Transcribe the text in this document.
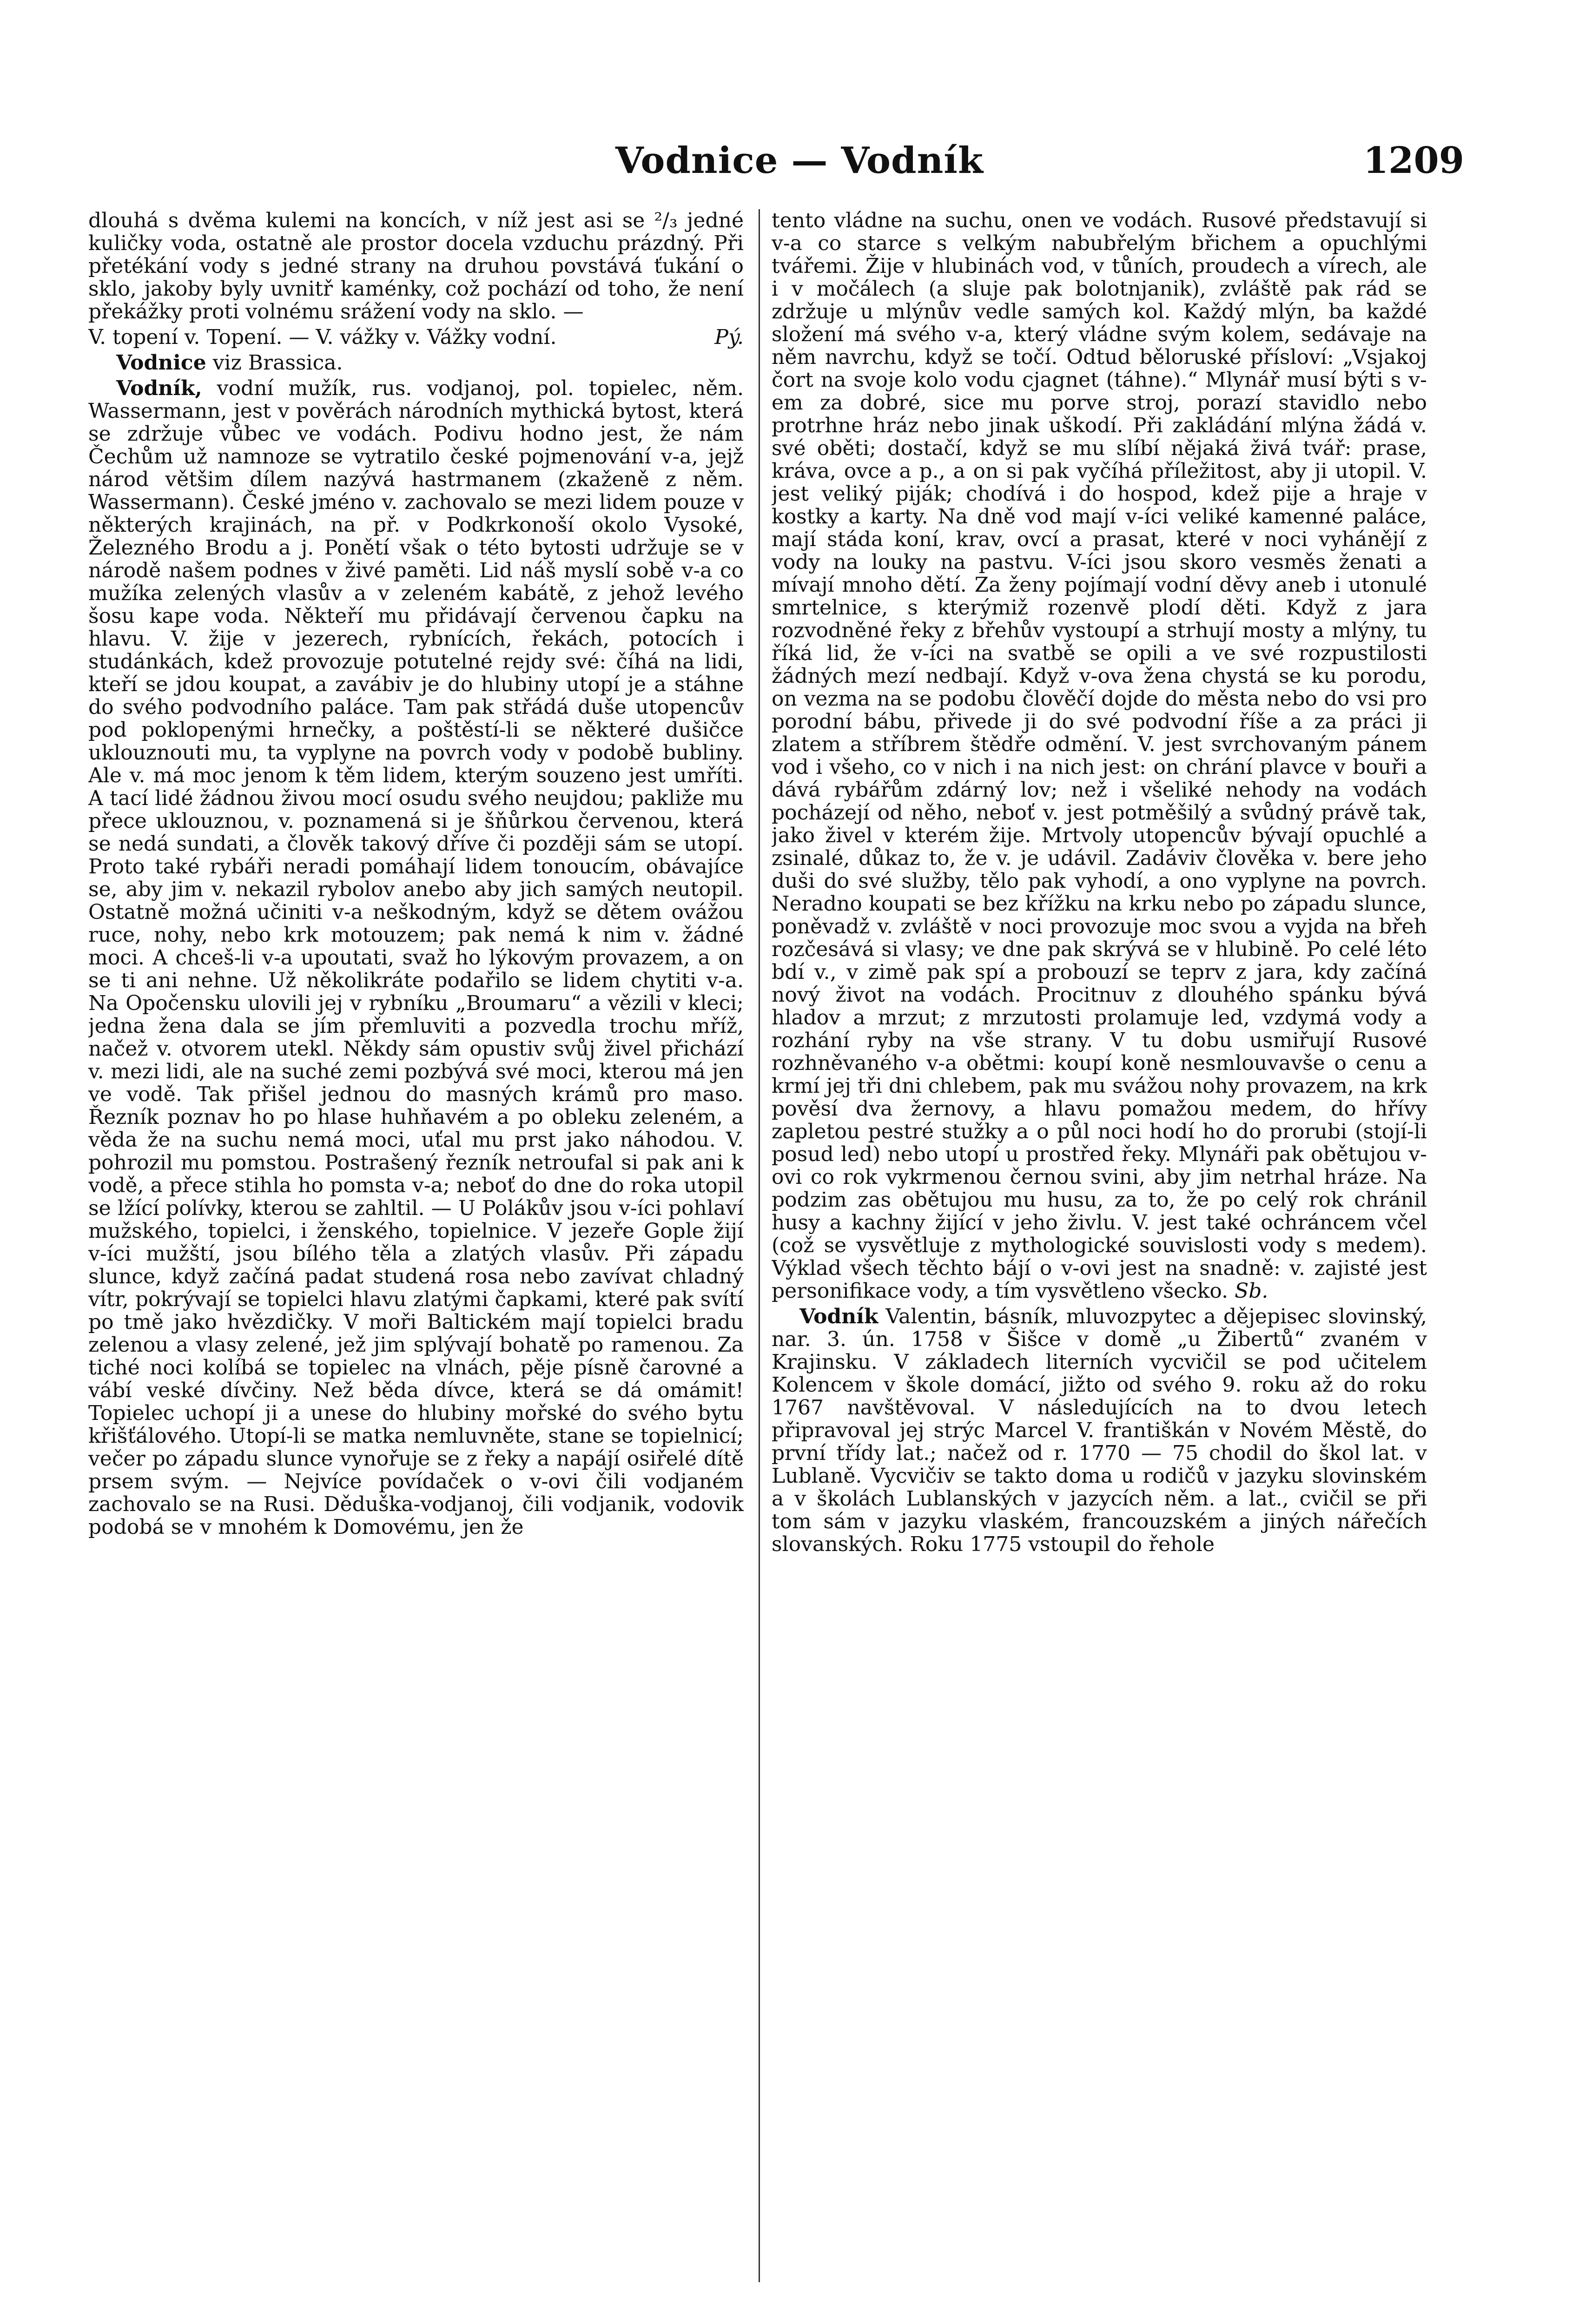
Vodnice — Vodník	1209

dlouhá s dvěma kulemi na koncích, v níž jest asi se ²/₃ jedné kuličky voda, ostatně ale prostor docela vzduchu prázdný. Při přetékání vody s jedné strany na druhou povstává ťukání o sklo, jakoby byly uvnitř kaménky, což pochází od toho, že není překážky proti volnému srážení vody na sklo. —

V. topení v. Topení. — V. vážky v. Vážky vodní.	Pý.

Vodnice viz Brassica.

Vodník, vodní mužík, rus. vodjanoj, pol. topielec, něm. Wassermann, jest v pověrách národních mythická bytost, která se zdržuje vůbec ve vodách. Podivu hodno jest, že nám Čechům už namnoze se vytratilo české pojmenování v-a, jejž národ většim dílem nazývá hastrmanem (zkaženě z něm. Wassermann). České jméno v. zachovalo se mezi lidem pouze v některých krajinách, na př. v Podkrkonoší okolo Vysoké, Železného Brodu a j. Ponětí však o této bytosti udržuje se v národě našem podnes v živé paměti. Lid náš myslí sobě v-a co mužíka zelených vlasův a v zeleném kabátě, z jehož levého šosu kape voda. Někteří mu přidávají červenou čapku na hlavu. V. žije v jezerech, rybnících, řekách, potocích i studánkách, kdež provozuje potutelné rejdy své: číhá na lidi, kteří se jdou koupat, a zavábiv je do hlubiny utopí je a stáhne do svého podvodního paláce. Tam pak střádá duše utopencův pod poklopenými hrnečky, a poštěstí-li se některé dušičce uklouznouti mu, ta vyplyne na povrch vody v podobě bubliny. Ale v. má moc jenom k těm lidem, kterým souzeno jest umříti. A tací lidé žádnou živou mocí osudu svého neujdou; pakliže mu přece uklouznou, v. poznamená si je šňůrkou červenou, která se nedá sundati, a člověk takový dříve či později sám se utopí. Proto také rybáři neradi pomáhají lidem tonoucím, obávajíce se, aby jim v. nekazil rybolov anebo aby jich samých neutopil. Ostatně možná učiniti v-a neškodným, když se dětem ovážou ruce, nohy, nebo krk motouzem; pak nemá k nim v. žádné moci. A chceš-li v-a upoutati, svaž ho lýkovým provazem, a on se ti ani nehne. Už několikráte podařilo se lidem chytiti v-a. Na Opočensku ulovili jej v rybníku „Broumaru“ a vězili v kleci; jedna žena dala se jím přemluviti a pozvedla trochu mříž, načež v. otvorem utekl. Někdy sám opustiv svůj živel přichází v. mezi lidi, ale na suché zemi pozbývá své moci, kterou má jen ve vodě. Tak přišel jednou do masných krámů pro maso. Řezník poznav ho po hlase huhňavém a po obleku zeleném, a věda že na suchu nemá moci, uťal mu prst jako náhodou. V. pohrozil mu pomstou. Postrašený řezník netroufal si pak ani k vodě, a přece stihla ho pomsta v-a; neboť do dne do roka utopil se lžící polívky, kterou se zahltil. — U Polákův jsou v-íci pohlaví mužského, topielci, i ženského, topielnice. V jezeře Gople žijí v-íci mužští, jsou bílého těla a zlatých vlasův. Při západu slunce, když začíná padat studená rosa nebo zavívat chladný vítr, pokrývají se topielci hlavu zlatými čapkami, které pak svítí po tmě jako hvězdičky. V moři Baltickém mají topielci bradu zelenou a vlasy zelené, jež jim splývají bohatě po ramenou. Za tiché noci kolíbá se topielec na vlnách, pěje písně čarovné a vábí veské dívčiny. Než běda dívce, která se dá omámit! Topielec uchopí ji a unese do hlubiny mořské do svého bytu křišťálového. Utopí-li se matka nemluvněte, stane se topielnicí; večer po západu slunce vynořuje se z řeky a napájí osiřelé dítě prsem svým. — Nejvíce povídaček o v-ovi čili vodjaném zachovalo se na Rusi. Děduška-vodjanoj, čili vodjanik, vodovik podobá se v mnohém k Domovému, jen že

tento vládne na suchu, onen ve vodách. Rusové představují si v-a co starce s velkým nabubřelým břichem a opuchlými tvářemi. Žije v hlubinách vod, v tůních, proudech a vírech, ale i v močálech (a sluje pak bolotnjanik), zvláště pak rád se zdržuje u mlýnův vedle samých kol. Každý mlýn, ba každé složení má svého v-a, který vládne svým kolem, sedávaje na něm navrchu, když se točí. Odtud běloruské přísloví: „Vsjakoj čort na svoje kolo vodu cjagnet (táhne).“ Mlynář musí býti s v-em za dobré, sice mu porve stroj, porazí stavidlo nebo protrhne hráz nebo jinak uškodí. Při zakládání mlýna žádá v. své oběti; dostačí, když se mu slíbí nějaká živá tvář: prase, kráva, ovce a p., a on si pak vyčíhá příležitost, aby ji utopil. V. jest veliký piják; chodívá i do hospod, kdež pije a hraje v kostky a karty. Na dně vod mají v-íci veliké kamenné paláce, mají stáda koní, krav, ovcí a prasat, které v noci vyhánějí z vody na louky na pastvu. V-íci jsou skoro vesměs ženati a mívají mnoho dětí. Za ženy pojímají vodní děvy aneb i utonulé smrtelnice, s kterýmiž rozenvě plodí děti. Když z jara rozvodněné řeky z břehův vystoupí a strhují mosty a mlýny, tu říká lid, že v-íci na svatbě se opili a ve své rozpustilosti žádných mezí nedbají. Když v-ova žena chystá se ku porodu, on vezma na se podobu člověčí dojde do města nebo do vsi pro porodní bábu, přivede ji do své podvodní říše a za práci ji zlatem a stříbrem štědře odmění. V. jest svrchovaným pánem vod i všeho, co v nich i na nich jest: on chrání plavce v bouři a dává rybářům zdárný lov; než i všeliké nehody na vodách pocházejí od něho, neboť v. jest potměšilý a svůdný právě tak, jako živel v kterém žije. Mrtvoly utopencův bývají opuchlé a zsinalé, důkaz to, že v. je udávil. Zadáviv člověka v. bere jeho duši do své služby, tělo pak vyhodí, a ono vyplyne na povrch. Neradno koupati se bez křížku na krku nebo po západu slunce, poněvadž v. zvláště v noci provozuje moc svou a vyjda na břeh rozčesává si vlasy; ve dne pak skrývá se v hlubině. Po celé léto bdí v., v zimě pak spí a probouzí se teprv z jara, kdy začíná nový život na vodách. Procitnuv z dlouhého spánku bývá hladov a mrzut; z mrzutosti prolamuje led, vzdymá vody a rozhání ryby na vše strany. V tu dobu usmiřují Rusové rozhněvaného v-a obětmi: koupí koně nesmlouvavše o cenu a krmí jej tři dni chlebem, pak mu svážou nohy provazem, na krk pověsí dva žernovy, a hlavu pomažou medem, do hřívy zapletou pestré stužky a o půl noci hodí ho do prorubi (stojí-li posud led) nebo utopí u prostřed řeky. Mlynáři pak obětujou v-ovi co rok vykrmenou černou svini, aby jim netrhal hráze. Na podzim zas obětujou mu husu, za to, že po celý rok chránil husy a kachny žijící v jeho živlu. V. jest také ochráncem včel (což se vysvětluje z mythologické souvislosti vody s medem). Výklad všech těchto bájí o v-ovi jest na snadně: v. zajisté jest personifikace vody, a tím vysvětleno všecko. Sb.

Vodník Valentin, básník, mluvozpytec a dějepisec slovinský, nar. 3. ún. 1758 v Šišce v domě „u Žibertů“ zvaném v Krajinsku. V základech literních vycvičil se pod učitelem Kolencem v škole domácí, jižto od svého 9. roku až do roku 1767 navštěvoval. V následujících na to dvou letech připravoval jej strýc Marcel V. františkán v Novém Městě, do první třídy lat.; načež od r. 1770 — 75 chodil do škol lat. v Lublaně. Vycvičiv se takto doma u rodičů v jazyku slovinském a v školách Lublanských v jazycích něm. a lat., cvičil se při tom sám v jazyku vlaském, francouzském a jiných nářečích slovanských. Roku 1775 vstoupil do řehole
